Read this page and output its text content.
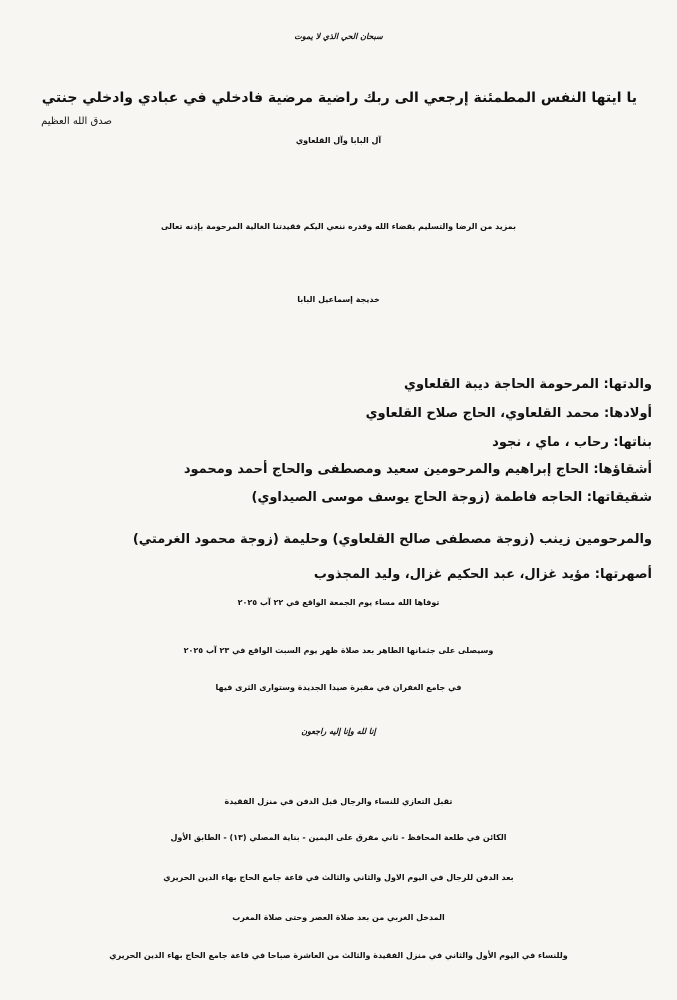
سبحان الحي الذي لا يموت
يا ايتها النفس المطمئنة إرجعي الى ربك راضية مرضية فادخلي في عبادي وادخلي جنتي
صدق الله العظيم
آل البابا وآل القلعاوي
بمزيد من الرضا والتسليم بقضاء الله وقدره ننعي اليكم فقيدتنا الغالية المرحومة بإذنه تعالى
خديجة إسماعيل البابا
والدتها: المرحومة الحاجة ديبة القلعاوي
أولادها: محمد القلعاوي، الحاج صلاح القلعاوي
بناتها: رحاب ، ماي ، نجود
أشقاؤها: الحاج إبراهيم والمرحومين سعيد ومصطفى والحاج أحمد ومحمود
شقيقاتها: الحاجه فاطمة (زوجة الحاج يوسف موسى الصيداوي)
والمرحومين زينب (زوجة مصطفى صالح القلعاوي) وحليمة (زوجة محمود الغرمتي)
أصهرتها: مؤيد غزال، عبد الحكيم غزال، وليد المجذوب
توفاها الله مساء يوم الجمعة الواقع في ٢٢ آب ٢٠٢٥
وسيصلى على جثمانها الطاهر بعد صلاة ظهر يوم السبت الواقع في ٢٣ آب ٢٠٢٥
في جامع الغفران في مقبرة صيدا الجديدة وستوارى الثرى فيها
إنا لله وإنا إليه راجعون
تقبل التعازي للنساء والرجال قبل الدفن في منزل الفقيدة
الكائن في طلعة المحافظ - ثاني مفرق على اليمين - بناية المصلي (١٣) - الطابق الأول
بعد الدفن للرجال في اليوم الاول والثاني والثالث في قاعة جامع الحاج بهاء الدين الحريري
المدخل الغربي من بعد صلاة العصر وحتى صلاة المغرب
وللنساء في اليوم الأول والثاني في منزل الفقيدة والثالث من العاشرة صباحا في قاعة جامع الحاج بهاء الدين الحريري
